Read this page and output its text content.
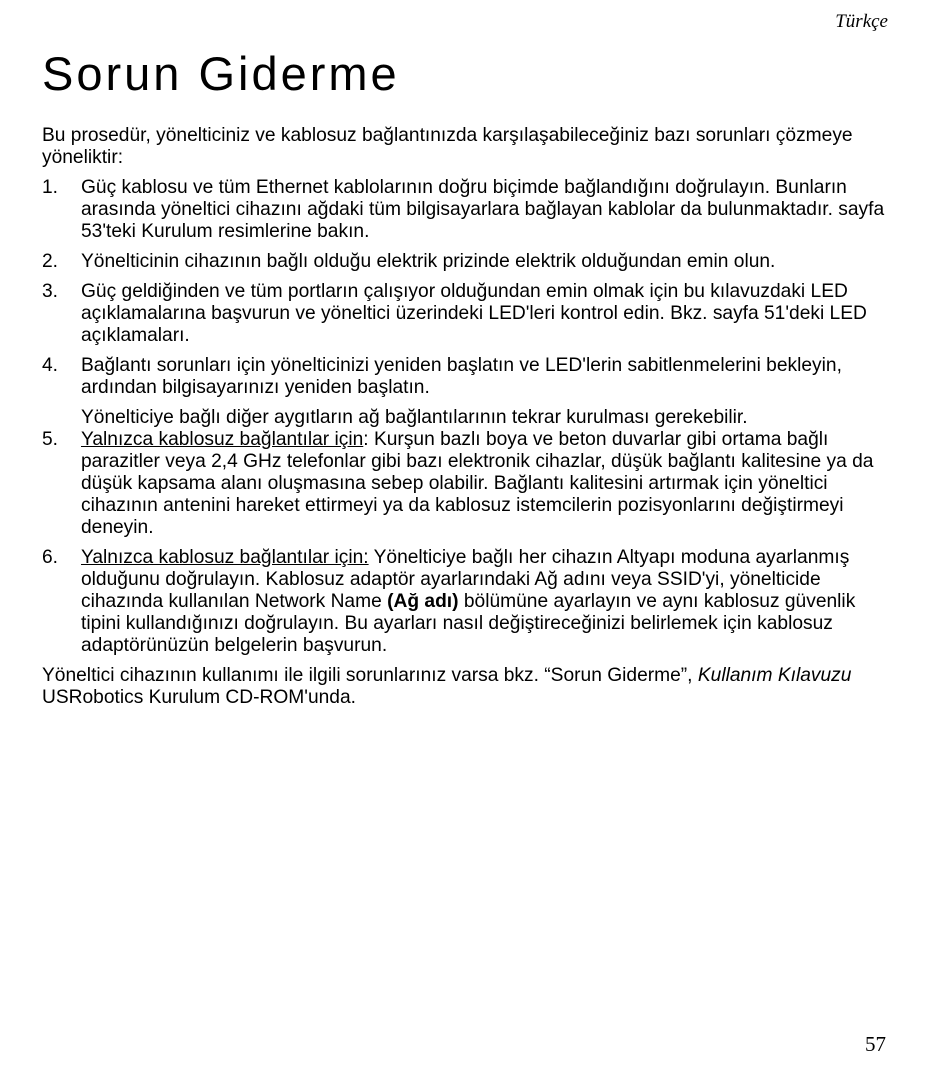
Türkçe
Sorun Giderme

Bu prosedür, yönelticiniz ve kablosuz bağlantınızda karşılaşabileceğiniz bazı sorunları çözmeye yöneliktir:

1. Güç kablosu ve tüm Ethernet kablolarının doğru biçimde bağlandığını doğrulayın. Bunların arasında yöneltici cihazını ağdaki tüm bilgisayarlara bağlayan kablolar da bulunmaktadır. sayfa 53'teki Kurulum resimlerine bakın.
2. Yönelticinin cihazının bağlı olduğu elektrik prizinde elektrik olduğundan emin olun.
3. Güç geldiğinden ve tüm portların çalışıyor olduğundan emin olmak için bu kılavuzdaki LED açıklamalarına başvurun ve yöneltici üzerindeki LED'leri kontrol edin. Bkz. sayfa 51'deki LED açıklamaları.
4. Bağlantı sorunları için yönelticinizi yeniden başlatın ve LED'lerin sabitlenmelerini bekleyin, ardından bilgisayarınızı yeniden başlatın.

Yönelticiye bağlı diğer aygıtların ağ bağlantılarının tekrar kurulması gerekebilir.

5. Yalnızca kablosuz bağlantılar için: Kurşun bazlı boya ve beton duvarlar gibi ortama bağlı parazitler veya 2,4 GHz telefonlar gibi bazı elektronik cihazlar, düşük bağlantı kalitesine ya da düşük kapsama alanı oluşmasına sebep olabilir. Bağlantı kalitesini artırmak için yöneltici cihazının antenini hareket ettirmeyi ya da kablosuz istemcilerin pozisyonlarını değiştirmeyi deneyin.
6. Yalnızca kablosuz bağlantılar için: Yönelticiye bağlı her cihazın Altyapı moduna ayarlanmış olduğunu doğrulayın. Kablosuz adaptör ayarlarındaki Ağ adını veya SSID'yi, yönelticide cihazında kullanılan Network Name (Ağ adı) bölümüne ayarlayın ve aynı kablosuz güvenlik tipini kullandığınızı doğrulayın. Bu ayarları nasıl değiştireceğinizi belirlemek için kablosuz adaptörünüzün belgelerin başvurun.

Yöneltici cihazının kullanımı ile ilgili sorunlarınız varsa bkz. “Sorun Giderme”, Kullanım Kılavuzu  USRobotics Kurulum CD-ROM'unda.

57
